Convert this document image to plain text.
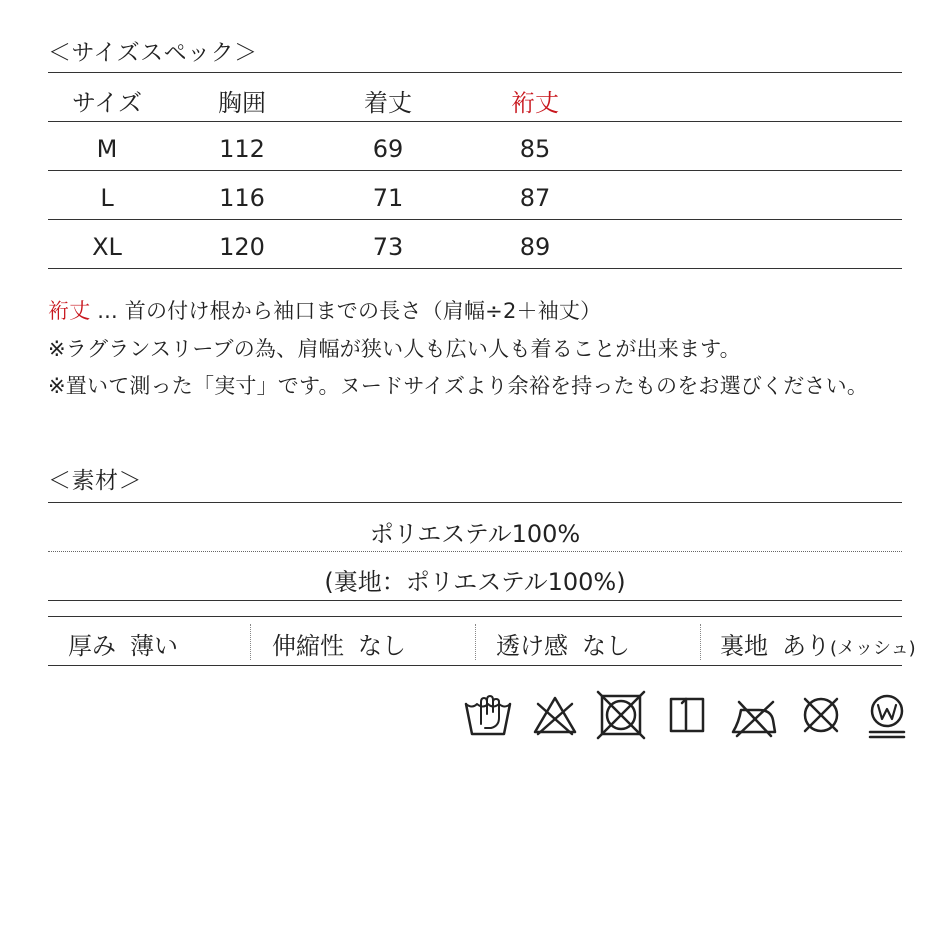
＜サイズスペック＞
サイズ	胸囲	着丈	裄丈
M	112	69	85
L	116	71	87
XL	120	73	89
裄丈 ... 首の付け根から袖口までの長さ（肩幅÷2＋袖丈）
※ラグランスリーブの為、肩幅が狭い人も広い人も着ることが出来ます。
※置いて測った「実寸」です。ヌードサイズより余裕を持ったものをお選びください。
＜素材＞
ポリエステル100%
(裏地：ポリエステル100%)
厚み 薄い	伸縮性 なし	透け感 なし	裏地 あり(メッシュ)
